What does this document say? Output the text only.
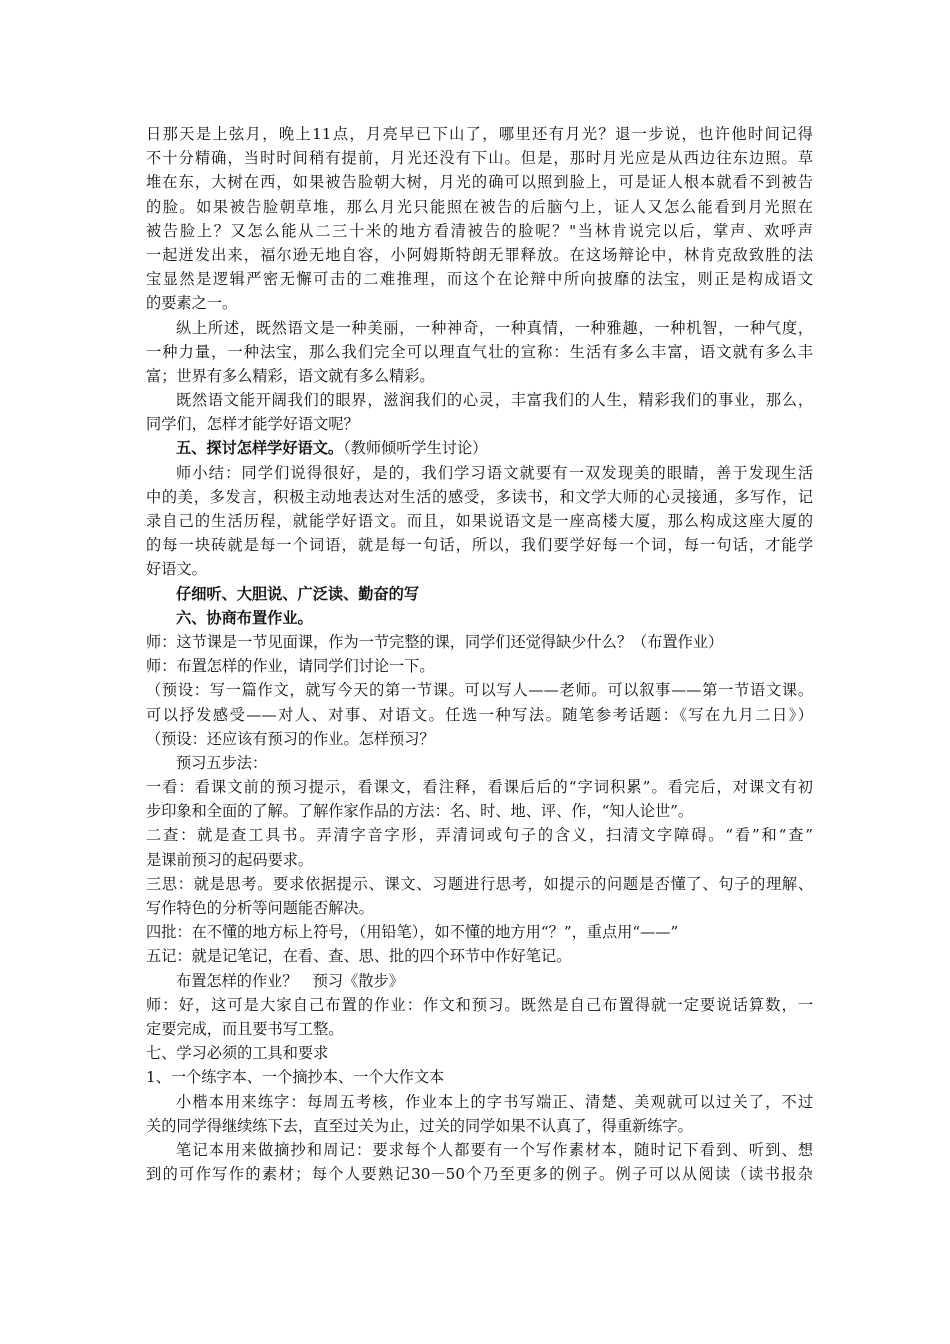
日那天是上弦月，晚上11点，月亮早已下山了，哪里还有月光？退一步说，也许他时间记得
不十分精确，当时时间稍有提前，月光还没有下山。但是，那时月光应是从西边往东边照。草
堆在东，大树在西，如果被告脸朝大树，月光的确可以照到脸上，可是证人根本就看不到被告
的脸。如果被告脸朝草堆，那么月光只能照在被告的后脑勺上，证人又怎么能看到月光照在
被告脸上？又怎么能从二三十米的地方看清被告的脸呢？"当林肯说完以后，掌声、欢呼声
一起迸发出来，福尔逊无地自容，小阿姆斯特朗无罪释放。在这场辩论中，林肯克敌致胜的法
宝显然是逻辑严密无懈可击的二难推理，而这个在论辩中所向披靡的法宝，则正是构成语文
的要素之一。
纵上所述，既然语文是一种美丽，一种神奇，一种真情，一种雅趣，一种机智，一种气度，
一种力量，一种法宝，那么我们完全可以理直气壮的宣称：生活有多么丰富，语文就有多么丰
富；世界有多么精彩，语文就有多么精彩。
既然语文能开阔我们的眼界，滋润我们的心灵，丰富我们的人生，精彩我们的事业，那么，
同学们，怎样才能学好语文呢？
五、探讨怎样学好语文。（教师倾听学生讨论）
师小结：同学们说得很好，是的，我们学习语文就要有一双发现美的眼睛，善于发现生活
中的美，多发言，积极主动地表达对生活的感受，多读书，和文学大师的心灵接通，多写作，记
录自己的生活历程，就能学好语文。而且，如果说语文是一座高楼大厦，那么构成这座大厦的
的每一块砖就是每一个词语，就是每一句话，所以，我们要学好每一个词，每一句话，才能学
好语文。
仔细听、大胆说、广泛读、勤奋的写
六、协商布置作业。
师：这节课是一节见面课，作为一节完整的课，同学们还觉得缺少什么？（布置作业）
师：布置怎样的作业，请同学们讨论一下。
（预设：写一篇作文，就写今天的第一节课。可以写人——老师。可以叙事——第一节语文课。
可以抒发感受——对人、对事、对语文。任选一种写法。随笔参考话题：《写在九月二日》）
（预设：还应该有预习的作业。怎样预习？
预习五步法：
一看：看课文前的预习提示，看课文，看注释，看课后后的“字词积累”。看完后，对课文有初
步印象和全面的了解。了解作家作品的方法：名、时、地、评、作，“知人论世”。
二查：就是查工具书。弄清字音字形，弄清词或句子的含义，扫清文字障碍。“看”和“查”
是课前预习的起码要求。
三思：就是思考。要求依据提示、课文、习题进行思考，如提示的问题是否懂了、句子的理解、
写作特色的分析等问题能否解决。
四批：在不懂的地方标上符号，（用铅笔），如不懂的地方用“？”，重点用“——”
五记：就是记笔记，在看、查、思、批的四个环节中作好笔记。
布置怎样的作业？　预习《散步》
师：好，这可是大家自己布置的作业：作文和预习。既然是自己布置得就一定要说话算数，一
定要完成，而且要书写工整。
七、学习必须的工具和要求
1、一个练字本、一个摘抄本、一个大作文本
小楷本用来练字：每周五考核，作业本上的字书写端正、清楚、美观就可以过关了，不过
关的同学得继续练下去，直至过关为止，过关的同学如果不认真了，得重新练字。
笔记本用来做摘抄和周记：要求每个人都要有一个写作素材本，随时记下看到、听到、想
到的可作写作的素材；每个人要熟记30－50个乃至更多的例子。例子可以从阅读（读书报杂
